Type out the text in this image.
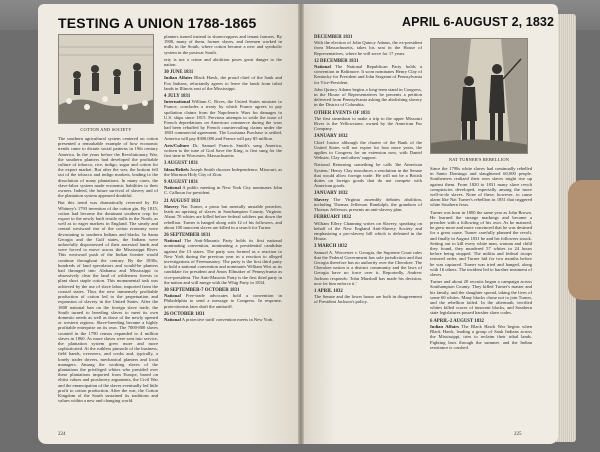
TESTING A UNION 1788-1865
COTTON AND SOCIETY

The southern agricultural system centered on cotton presented a remarkable example of how economic trends came to dictate social patterns in 19th century America. In the years before the Revolutionary War, the southern planters had developed the profitable culture of tobacco, rice, indigo, sugar and cotton for the export market. But after the war, the bottom fell out of the tobacco and indigo markets, leading to the dissolution of many plantations. In many cases, the slave-labor system made economic liabilities to their owners. Indeed, the future survival of slavery and of the plantation system appeared doubtful.

But this trend was dramatically reversed by Eli Whitney's 1793 invention of the cotton gin. By 1815, cotton had become the dominant southern crop for export to the newly built textile mills in the North, as well as to eager markets in England. The steady and central westward rise of the cotton economy were devastating to southern Indians and blacks. In Santa Georgia and the Gulf states, the Indians were unlawfully dispossessed of their ancestral lands and were forced to move across the Mississippi River. This westward push of the Indian frontier would continue throughout the century. By the 1830s, hundreds of land speculators and would-be planters had thronged into Alabama and Mississippi to obsessively clear the land of wilderness forests to plant short staple cotton. This monumental task was achieved by the use of slave labor, imported from the coastal states. Thus the new immensely profitable production of cotton led to the perpetuation and expansion of slavery in the United States. After the 1808 national ban on the foreign slave trade, the South turned to breeding slaves to meet its own domestic needs as well as those of the newly opened or western regions. Slave-breeding became a highly profitable enterprise on its own. The 7000-800 slaves counted in the 1790 census expanded to 4 million slaves in 1860. As more slaves were sent into service, the plantation system grew more and more sophisticated. At the ruthless pinnacle of the business, field hands, overseers, and cooks and, typically, a lonely trader drivers, mechanical planters and local managers. Among the working slaves of the plantations the privileged whites who presided over these plantations imported from Europe, based on elitist values and proslavery arguments, the Civil War and the emancipation of the slaves eventually led little profit to cotton production. After the war, the Cotton Kingdom of the South sustained its traditions and values within a new and changing world.

planters turned instead to sharecroppers and tenant farmers. By 1900, many of them, former slaves, and freemen worked in mills in the South, where cotton became a new and symbolic system in the postwar South.

erty is not a crime and abolition poses great danger to the nation.

30 JUNE 1831
Indian Affairs Black Hawk, the proud chief of the Sauk and Fox Indians, reluctantly agrees to leave the lands from tribal lands in Illinois east of the Mississippi.

4 JULY 1831
International William C. Rives, the United States minister to France, concludes a treaty by which France agrees to pay spoliation claims from the Napoleonic Wars for damages to U.S. ships since 1815. Previous attempts to settle the issue of French depredations on American commerce during the wars had been rebuffed by French countervailing claims under the 1803 commercial agreement. The Louisiana Purchase is settled, America will pay $300,000 and France will pay $5 million.

Arts/Culture Dr. Samuel Francis Smith's song America, written to the tune of God Save the King, is first sung for the first time in Worcester, Massachusetts.

3 AUGUST 1831
Ideas/Beliefs Joseph Smith chooses Independence, Missouri, as the Mormon Holy City of Zion.

9 AUGUST 1831
National A public meeting in New York City nominates John C. Calhoun for president.

21 AUGUST 1831
Slavery Nat Turner, a pious but mentally unstable preacher, leads an uprising of slaves in Southampton County, Virginia. About 70 whites are killed before federal soldiers put down the rebellion. Turner is hanged along with 12 of his followers, and about 100 innocent slaves are killed in a search for Turner.

26 SEPTEMBER 1831
National The Anti-Masonic Party holds its first national nominating convention, nominating a presidential candidate against the 13 states. The party was formed as a reaction to New York during the previous year in a reaction to alleged investigations of Freemasonry. The party is the first third party to hold a national convention and nominates William Wirt as its candidate for president and Amos Ellmaker of Pennsylvania as vice-president. The Anti-Masonic Party is the first third party in the nation and will merge with the Whig Party in 1834.

30 SEPTEMBER-7 OCTOBER 1831
National Free-trade advocates hold a convention in Philadelphia to send a message to Congress. In response, protectionists later draft the antitariff.

26 OCTOBER 1831
National A protective tariff convention meets in New York.

224
APRIL 6-AUGUST 2, 1832

DECEMBER 1831
With the election of John Quincy Adams, the ex-president from Massachusetts, takes his seat in the House of Representatives, where he will serve for 17 years.

12 DECEMBER 1831
National The National Republican Party holds a convention in Baltimore. It soon nominates Henry Clay of Kentucky for President and John Sergeant of Pennsylvania for Vice-President.

John Quincy Adams begins a long-term stand in Congress, in the House of Representatives he presents a petition delivered from Pennsylvania asking the abolishing slavery in the District of Columbia.

OTHER EVENTS OF 1831
The first steamboat to make a trip to the upper Missouri River is the Yellowstone, owned by the American Fur Company.

JANUARY 1832
Chief Justice although the charter of the Bank of the United States will not expire for four more years, the applies to Congress for an extension now, with Daniel Webster, Clay and others' support.

National Returning something he calls 'the American System,' Henry Clay introduces a resolution in the Senate that would allow foreign trade. He will not be a British duties on foreign goods that do not compete with American goods.

JANUARY 1832
Slavery The Virginia assembly debates abolition, including Thomas Jefferson Randolph, the grandson of Thomas Jefferson, presents an anti-slavery plan.

FEBRUARY 1832
William Ellery Channing writes on Slavery, speaking on behalf of the New England Anti-Slavery Society and emphasizing a pro-slavery bill which is defeated in the House.

3 MARCH 1832
Samuel A. Worcester v. Georgia, the Supreme Court rules that the Federal Government has sole jurisdiction and that Georgia therefore has no authority over the Cherokee. The Cherokee nation is a distinct community and the laws of Georgia have no force over it. Reportedly, Andrew Jackson responds: 'John Marshall has made his decision, now let him enforce it.'

1 APRIL 1832
The Senate and the lower house are both in disagreement of President Jackson's policy.

NAT TURNER'S REBELLION

Since the 1790s white slaves had continually rebelled in Santo Domingo and slaughtered 60,000 people. Southerners realized their own slaves might rise up against them. From 1820 to 1831 many slave revolt conspiracies developed, especially among the more well-to-do slaves. None of these, however, to cause alarm like Nat Turner's rebellion in 1831 that triggered white Southern fears.

Turner was born in 1800 the same year as John Brown. He learned the strange markings and became a preacher with a following of his own. As he matured, he grew more and more convinced that he was destined for a great cause. Turner carefully planned the revolt, and finally in August 1831 he and his followers struck. Setting out to kill every white man, woman and child they found, they murdered 57 whites in 24 hours before being stopped. The militia and federal troops restored order, and Turner hid for two months before he was captured. Turner was tried and hanged, along with 16 others. The incident led to harsher treatment of slaves.

Turner and about 20 recruits began a campaign across Southampton County. They killed Turner's master and his family, and the slaughter spread, taking the lives of some 60 whites. Many blacks chose not to join Turner, and the rebellion failed. In the aftermath, terrified whites killed scores of innocent blacks, and Southern state legislatures passed harsher slave codes.

6 APRIL-2 AUGUST 1832
Indian Affairs The Black Hawk War begins when Black Hawk, leading a group of Sauk Indians across the Mississippi, tries to reclaim their tribal lands. Fighting lasts through the summer, and the Indian resistance is crushed.

225
